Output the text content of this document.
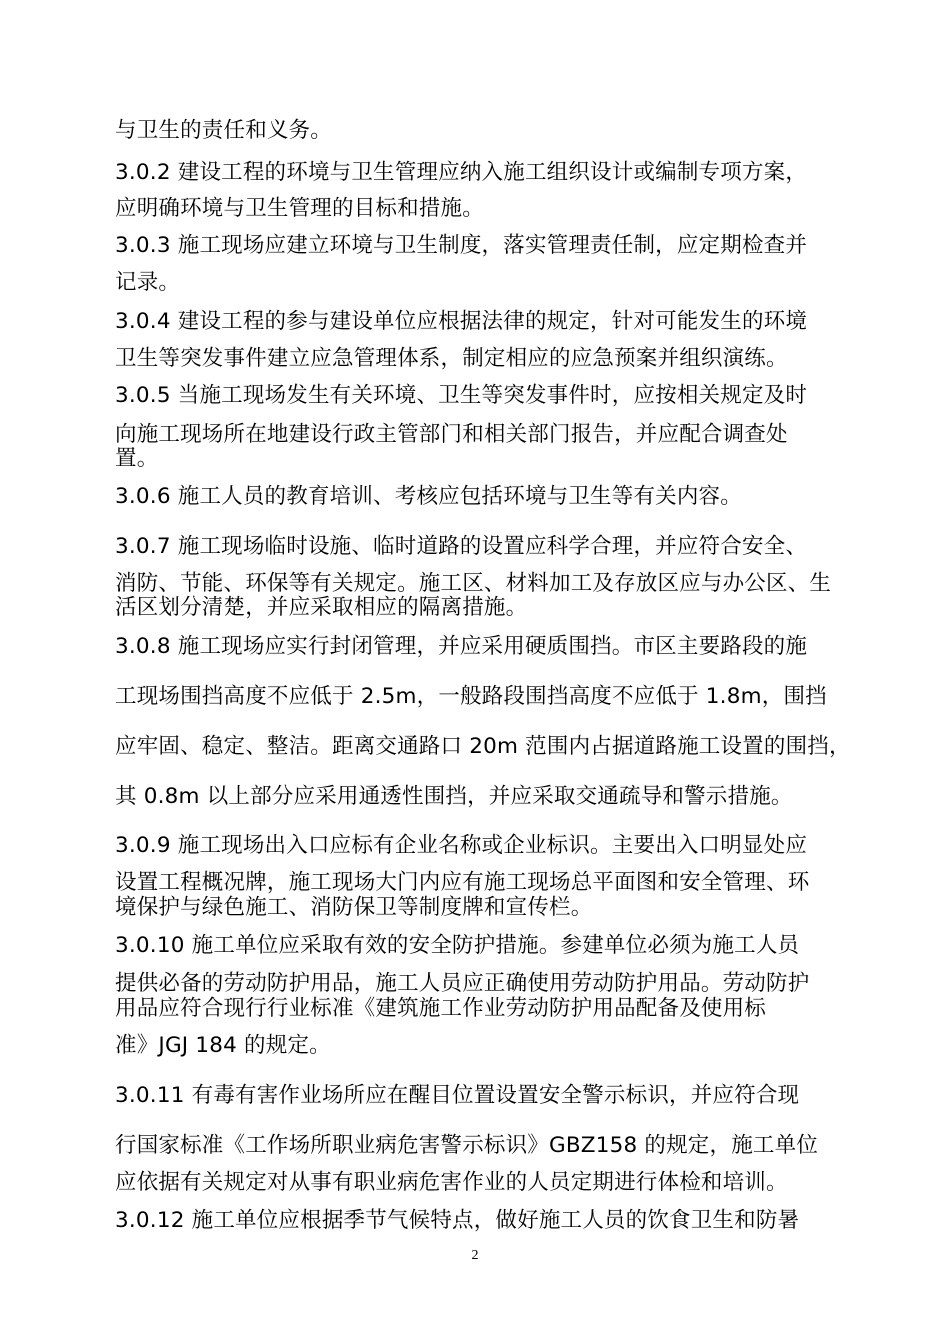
与卫生的责任和义务。
3.0.2 建设工程的环境与卫生管理应纳入施工组织设计或编制专项方案，
应明确环境与卫生管理的目标和措施。
3.0.3 施工现场应建立环境与卫生制度，落实管理责任制，应定期检查并
记录。
3.0.4 建设工程的参与建设单位应根据法律的规定，针对可能发生的环境
卫生等突发事件建立应急管理体系，制定相应的应急预案并组织演练。
3.0.5 当施工现场发生有关环境、卫生等突发事件时，应按相关规定及时
向施工现场所在地建设行政主管部门和相关部门报告，并应配合调查处
置。
3.0.6 施工人员的教育培训、考核应包括环境与卫生等有关内容。
3.0.7 施工现场临时设施、临时道路的设置应科学合理，并应符合安全、
消防、节能、环保等有关规定。施工区、材料加工及存放区应与办公区、生
活区划分清楚，并应采取相应的隔离措施。
3.0.8 施工现场应实行封闭管理，并应采用硬质围挡。市区主要路段的施
工现场围挡高度不应低于 2.5m，一般路段围挡高度不应低于 1.8m，围挡
应牢固、稳定、整洁。距离交通路口 20m 范围内占据道路施工设置的围挡，
其 0.8m 以上部分应采用通透性围挡，并应采取交通疏导和警示措施。
3.0.9 施工现场出入口应标有企业名称或企业标识。主要出入口明显处应
设置工程概况牌，施工现场大门内应有施工现场总平面图和安全管理、环
境保护与绿色施工、消防保卫等制度牌和宣传栏。
3.0.10 施工单位应采取有效的安全防护措施。参建单位必须为施工人员
提供必备的劳动防护用品，施工人员应正确使用劳动防护用品。劳动防护
用品应符合现行行业标准《建筑施工作业劳动防护用品配备及使用标
准》JGJ 184 的规定。
3.0.11 有毒有害作业场所应在醒目位置设置安全警示标识，并应符合现
行国家标准《工作场所职业病危害警示标识》GBZ158 的规定，施工单位
应依据有关规定对从事有职业病危害作业的人员定期进行体检和培训。
3.0.12 施工单位应根据季节气候特点，做好施工人员的饮食卫生和防暑
2
